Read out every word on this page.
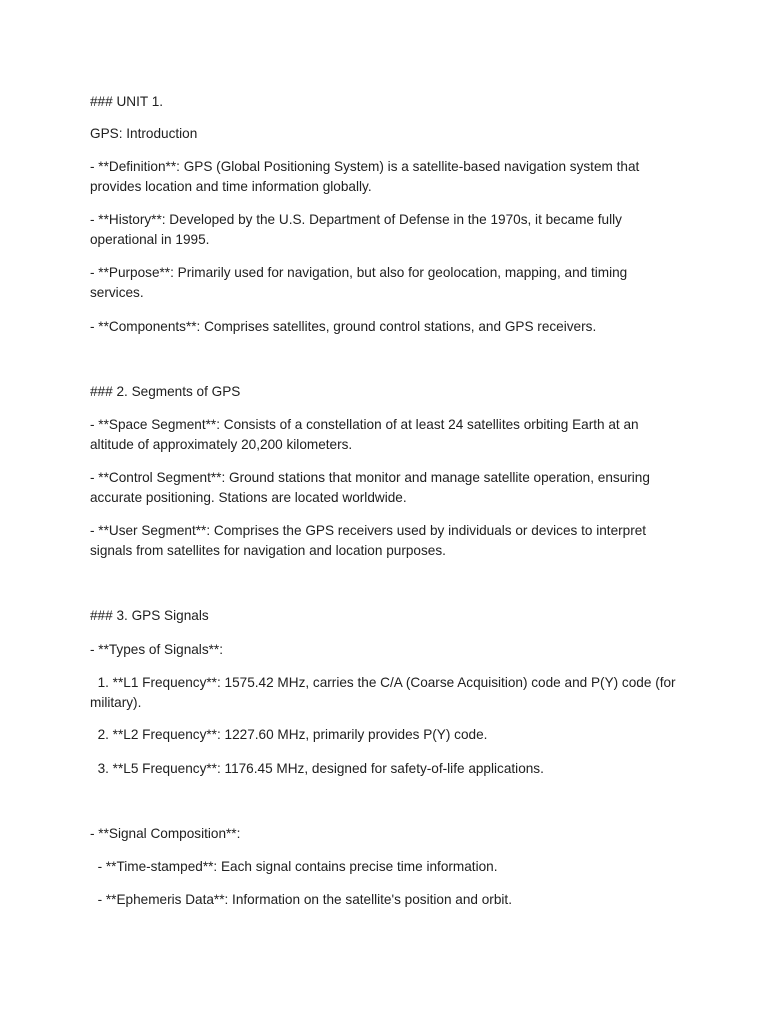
### UNIT 1.

GPS: Introduction

- **Definition**: GPS (Global Positioning System) is a satellite-based navigation system that provides location and time information globally.

- **History**: Developed by the U.S. Department of Defense in the 1970s, it became fully operational in 1995.

- **Purpose**: Primarily used for navigation, but also for geolocation, mapping, and timing services.

- **Components**: Comprises satellites, ground control stations, and GPS receivers.

### 2. Segments of GPS

- **Space Segment**: Consists of a constellation of at least 24 satellites orbiting Earth at an altitude of approximately 20,200 kilometers.

- **Control Segment**: Ground stations that monitor and manage satellite operation, ensuring accurate positioning. Stations are located worldwide.

- **User Segment**: Comprises the GPS receivers used by individuals or devices to interpret signals from satellites for navigation and location purposes.

### 3. GPS Signals

- **Types of Signals**:

1. **L1 Frequency**: 1575.42 MHz, carries the C/A (Coarse Acquisition) code and P(Y) code (for military).

2. **L2 Frequency**: 1227.60 MHz, primarily provides P(Y) code.

3. **L5 Frequency**: 1176.45 MHz, designed for safety-of-life applications.

- **Signal Composition**:

- **Time-stamped**: Each signal contains precise time information.

- **Ephemeris Data**: Information on the satellite's position and orbit.
